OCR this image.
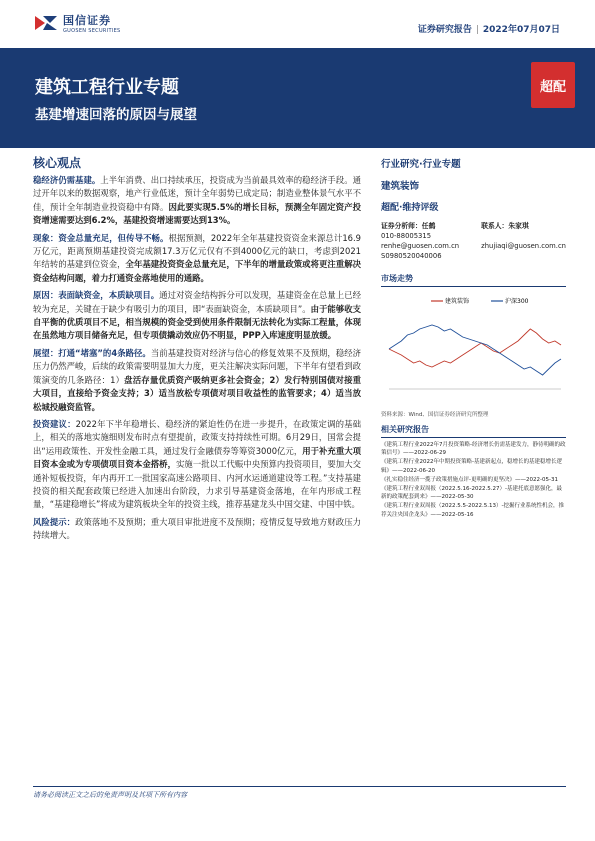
国信证券
GUOSEN SECURITIES	证券研究报告 | 2022年07月07日
建筑工程行业专题
基建增速回落的原因与展望
超配
核心观点

稳经济仍需基建。上半年消费、出口持续承压，投资成为当前最具效率的稳经济手段。通过开年以来的数据观察，地产行业低迷，预计全年弱势已成定局；制造业整体景气水平不佳，预计全年制造业投资稳中有降。因此要实现5.5%的增长目标，预测全年固定资产投资增速需要达到6.2%，基建投资增速需要达到13%。

现象：资金总量充足，但传导不畅。根据预测，2022年全年基建投资资金来源总计16.9万亿元，距离预期基建投资完成额17.3万亿元仅有不到4000亿元的缺口，考虑到2021年结转的基建到位资金，全年基建投资资金总量充足，下半年的增量政策或将更注重解决资金结构问题，着力打通资金落地使用的通路。

原因：表面缺资金，本质缺项目。通过对资金结构拆分可以发现，基建资金在总量上已经较为充足，关键在于缺少有吸引力的项目，即“表面缺资金，本质缺项目”。由于能够收支自平衡的优质项目不足，相当规模的资金受到使用条件限制无法转化为实际工程量，体现在虽然地方项目储备充足，但专项债撬动效应仍不明显，PPP入库速度明显放缓。

展望：打通“堵塞”的4条路径。当前基建投资对经济与信心的修复效果不及预期，稳经济压力仍然严峻，后续的政策需要明显加大力度，更关注解决实际问题，下半年有望看到政策演变的几条路径：1）盘活存量优质资产吸纳更多社会资金；2）发行特别国债对接重大项目，直接给予资金支持；3）适当放松专项债对项目收益性的监管要求；4）适当放松城投融资监管。

投资建议：2022年下半年稳增长、稳经济的紧迫性仍在进一步提升，在政策定调的基础上，相关的落地实施细则发布时点有望提前，政策支持持续性可期。6月29日，国常会提出“运用政策性、开发性金融工具，通过发行金融债券等筹资3000亿元，用于补充重大项目资本金或为专项债项目资本金搭桥，实施一批以工代赈中央预算内投资项目，要加大交通补短板投资，年内再开工一批国家高速公路项目、内河水运通道建设等工程。”支持基建投资的相关配套政策已经进入加速出台阶段，力求引导基建资金落地，在年内形成工程量，“基建稳增长”将成为建筑板块全年的投资主线，推荐基建龙头中国交建、中国中铁。

风险提示：政策落地不及预期；重大项目审批进度不及预期；疫情反复导致地方财政压力持续增大。

行业研究·行业专题
建筑装饰
超配·维持评级
证券分析师：任鹤
010-88005315
renhe@guosen.com.cn
S0980520040006
联系人：朱家琪

zhujiaqi@guosen.com.cn
市场走势
建筑装饰	沪深300
资料来源：Wind、国信证券经济研究所整理
相关研究报告
《建筑工程行业2022年7月投资策略-经济增长仍需基建发力，静待明确的政策信号》——2022-06-29
《建筑工程行业2022年中期投资策略-基建新起点，稳增长的基建稳增长逻辑》——2022-06-20
《扎实稳住经济一揽子政策措施点评-更明确的更坚决》——2022-05-31
《建筑工程行业双周报（2022.5.16-2022.5.27）-基建托底意愿强化，最新的政策配套到来》——2022-05-30
《建筑工程行业双周报（2022.5.5-2022.5.13）-挖掘行业系统性机会，推荐关注央国企龙头》——2022-05-16
请务必阅读正文之后的免责声明及其项下所有内容
